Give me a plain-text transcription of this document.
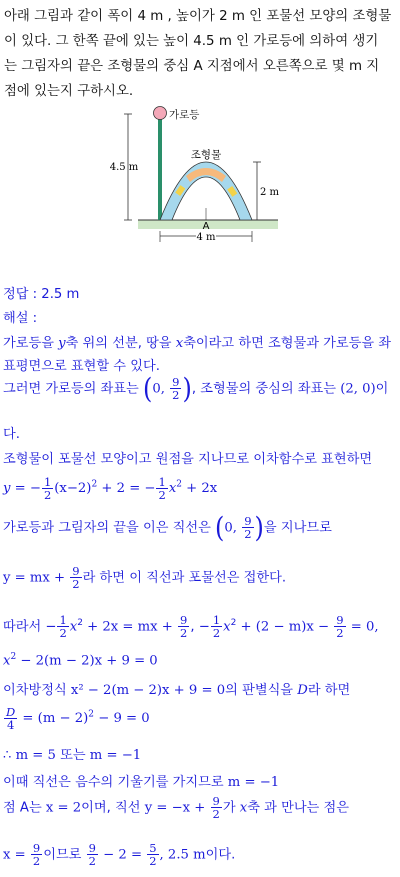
아래 그림과 같이 폭이 4 m , 높이가 2 m 인 포물선 모양의 조형물
이 있다. 그 한쪽 끝에 있는 높이 4.5 m 인 가로등에 의하여 생기
는 그림자의 끝은 조형물의 중심 A 지점에서 오른쪽으로 몇 m 지
점에 있는지 구하시오.
4.5 m
가로등
조형물
2 m
A
4 m
정답 : 2.5 m
해설 :
가로등을 y축 위의 선분, 땅을 x축이라고 하면 조형물과 가로등을 좌
표평면으로 표현할 수 있다.
그러면 가로등의 좌표는 (0, $\frac{9}{2}$ ), 조형물의 중심의 좌표는 (2, 0)이
다.
조형물이 포물선 모양이고 원점을 지나므로 이차함수로 표현하면
y = − $\frac{1}{2} (x-2)^2 + 2$ = − $\frac{1}{2} x^2 + 2x$
가로등과 그림자의 끝을 이은 직선은 (0, $\frac{9}{2}$ )을 지나므로
y = mx + $\frac{9}{2}$ 라 하면 이 직선과 포물선은 접한다.
따라서 − $\frac{1}{2} x^2 + 2x$ = mx + $\frac{9}{2}$ , − $\frac{1}{2} x^2 + (2 - m)x - \frac{9}{2} = 0$,
$x^2 - 2(m - 2)x + 9 = 0$
이차방정식 x² − 2(m − 2)x + 9 = 0의 판별식을 D라 하면
$\frac{D}{4} = (m - 2)^2 - 9 = 0$
∴ m = 5 또는 m = −1
이때 직선은 음수의 기울기를 가지므로 m = −1
점 A는 x = 2이며, 직선 $y = -x + \frac{9}{2}$ 가 x축 과 만나는 점은
$x = \frac{9}{2}$ 이므로 $\frac{9}{2} - 2 = \frac{5}{2}$ , 2.5 m이다.
